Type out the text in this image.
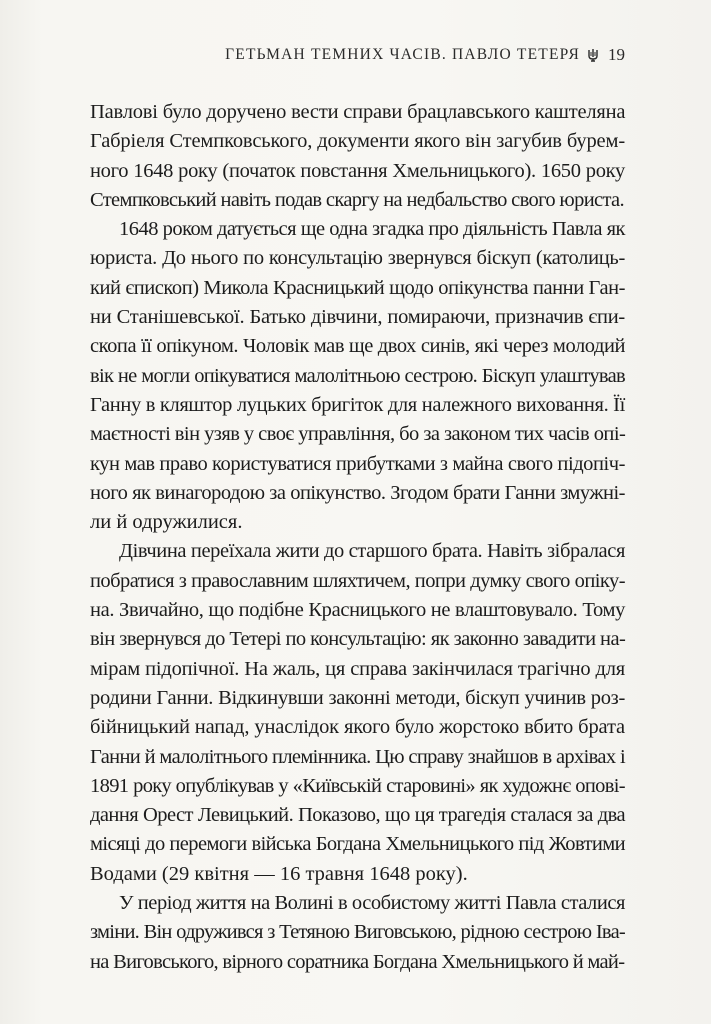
ГЕТЬМАН ТЕМНИХ ЧАСІВ. ПАВЛО ТЕТЕРЯ 19

Павлові було доручено вести справи брацлавського каштеляна
Габріеля Стемпковського, документи якого він загубив бурем-
ного 1648 року (початок повстання Хмельницького). 1650 року
Стемпковський навіть подав скаргу на недбальство свого юриста.

1648 роком датується ще одна згадка про діяльність Павла як
юриста. До нього по консультацію звернувся біскуп (католиць-
кий єпископ) Микола Красницький щодо опікунства панни Ган-
ни Станішевської. Батько дівчини, помираючи, призначив єпи-
скопа її опікуном. Чоловік мав ще двох синів, які через молодий
вік не могли опікуватися малолітньою сестрою. Біскуп улаштував
Ганну в кляштор луцьких бригіток для належного виховання. Її
маєтності він узяв у своє управління, бо за законом тих часів опі-
кун мав право користуватися прибутками з майна свого підопіч-
ного як винагородою за опікунство. Згодом брати Ганни змужні-
ли й одружилися.

Дівчина переїхала жити до старшого брата. Навіть зібралася
побратися з православним шляхтичем, попри думку свого опіку-
на. Звичайно, що подібне Красницького не влаштовувало. Тому
він звернувся до Тетері по консультацію: як законно завадити на-
мірам підопічної. На жаль, ця справа закінчилася трагічно для
родини Ганни. Відкинувши законні методи, біскуп учинив роз-
бійницький напад, унаслідок якого було жорстоко вбито брата
Ганни й малолітнього племінника. Цю справу знайшов в архівах і
1891 року опублікував у «Київській старовині» як художнє опові-
дання Орест Левицький. Показово, що ця трагедія сталася за два
місяці до перемоги війська Богдана Хмельницького під Жовтими
Водами (29 квітня — 16 травня 1648 року).

У період життя на Волині в особистому житті Павла сталися
зміни. Він одружився з Тетяною Виговською, рідною сестрою Іва-
на Виговського, вірного соратника Богдана Хмельницького й май-
